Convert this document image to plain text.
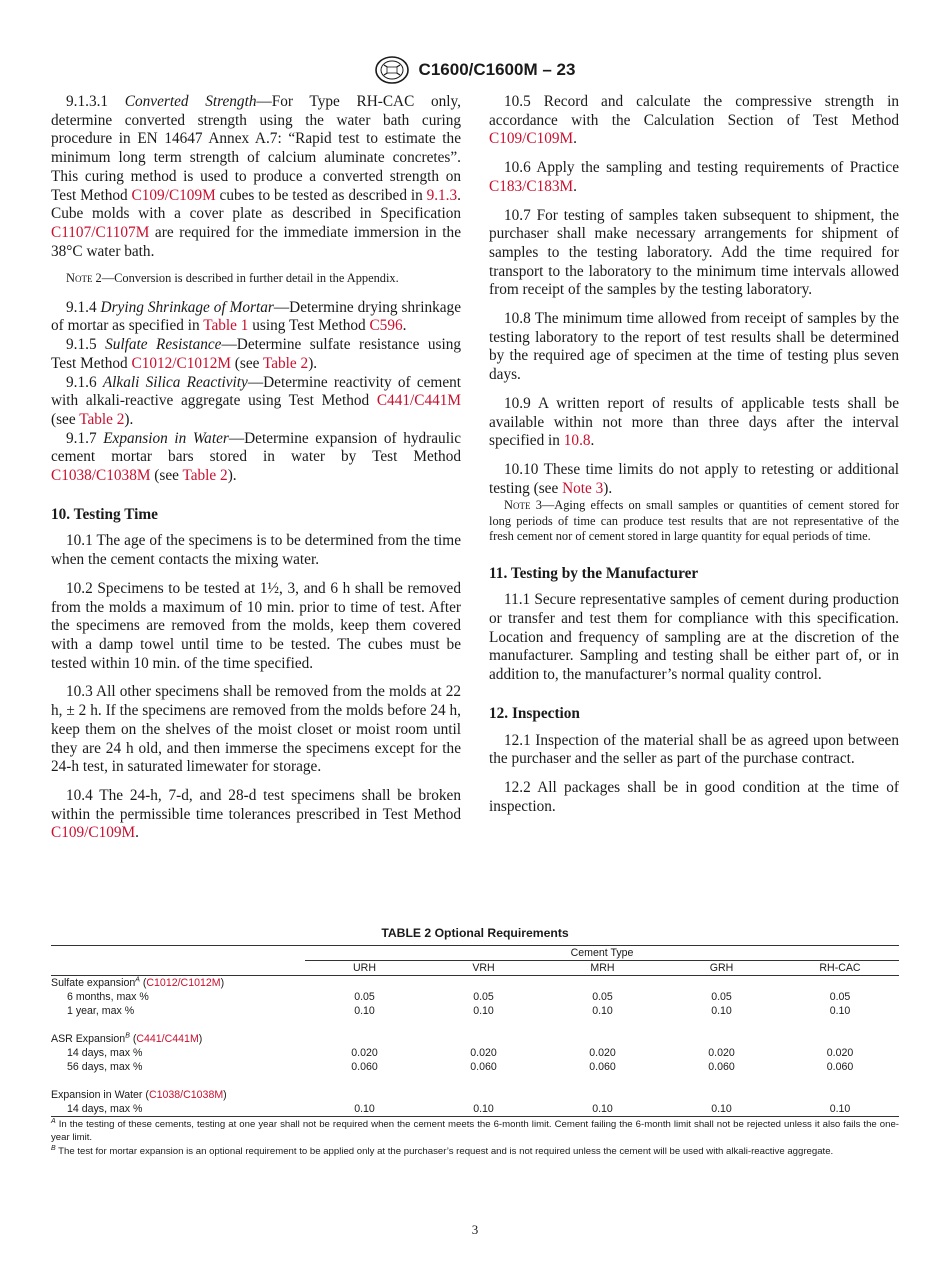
C1600/C1600M – 23

9.1.3.1 Converted Strength—For Type RH-CAC only, determine converted strength using the water bath curing procedure in EN 14647 Annex A.7: “Rapid test to estimate the minimum long term strength of calcium aluminate concretes”. This curing method is used to produce a converted strength on Test Method C109/C109M cubes to be tested as described in 9.1.3. Cube molds with a cover plate as described in Specification C1107/C1107M are required for the immediate immersion in the 38°C water bath.

Note 2—Conversion is described in further detail in the Appendix.

9.1.4 Drying Shrinkage of Mortar—Determine drying shrinkage of mortar as specified in Table 1 using Test Method C596.

9.1.5 Sulfate Resistance—Determine sulfate resistance using Test Method C1012/C1012M (see Table 2).

9.1.6 Alkali Silica Reactivity—Determine reactivity of cement with alkali-reactive aggregate using Test Method C441/C441M (see Table 2).

9.1.7 Expansion in Water—Determine expansion of hydraulic cement mortar bars stored in water by Test Method C1038/C1038M (see Table 2).

10. Testing Time

10.1 The age of the specimens is to be determined from the time when the cement contacts the mixing water.

10.2 Specimens to be tested at 1½, 3, and 6 h shall be removed from the molds a maximum of 10 min. prior to time of test. After the specimens are removed from the molds, keep them covered with a damp towel until time to be tested. The cubes must be tested within 10 min. of the time specified.

10.3 All other specimens shall be removed from the molds at 22 h, ± 2 h. If the specimens are removed from the molds before 24 h, keep them on the shelves of the moist closet or moist room until they are 24 h old, and then immerse the specimens except for the 24-h test, in saturated limewater for storage.

10.4 The 24-h, 7-d, and 28-d test specimens shall be broken within the permissible time tolerances prescribed in Test Method C109/C109M.

10.5 Record and calculate the compressive strength in accordance with the Calculation Section of Test Method C109/C109M.

10.6 Apply the sampling and testing requirements of Practice C183/C183M.

10.7 For testing of samples taken subsequent to shipment, the purchaser shall make necessary arrangements for shipment of samples to the testing laboratory. Add the time required for transport to the laboratory to the minimum time intervals allowed from receipt of the samples by the testing laboratory.

10.8 The minimum time allowed from receipt of samples by the testing laboratory to the report of test results shall be determined by the required age of specimen at the time of testing plus seven days.

10.9 A written report of results of applicable tests shall be available within not more than three days after the interval specified in 10.8.

10.10 These time limits do not apply to retesting or additional testing (see Note 3).

Note 3—Aging effects on small samples or quantities of cement stored for long periods of time can produce test results that are not representative of the fresh cement nor of cement stored in large quantity for equal periods of time.

11. Testing by the Manufacturer

11.1 Secure representative samples of cement during production or transfer and test them for compliance with this specification. Location and frequency of sampling are at the discretion of the manufacturer. Sampling and testing shall be either part of, or in addition to, the manufacturer’s normal quality control.

12. Inspection

12.1 Inspection of the material shall be as agreed upon between the purchaser and the seller as part of the purchase contract.

12.2 All packages shall be in good condition at the time of inspection.

TABLE 2 Optional Requirements
	Cement Type				
	URH	VRH	MRH	GRH	RH-CAC
Sulfate expansion$^A$ (C1012/C1012M)					
6 months, max %	0.05	0.05	0.05	0.05	0.05
1 year, max %	0.10	0.10	0.10	0.10	0.10

ASR Expansion$^B$ (C441/C441M)					
14 days, max %	0.020	0.020	0.020	0.020	0.020
56 days, max %	0.060	0.060	0.060	0.060	0.060

Expansion in Water (C1038/C1038M)					
14 days, max %	0.10	0.10	0.10	0.10	0.10
$^A$ In the testing of these cements, testing at one year shall not be required when the cement meets the 6-month limit. Cement failing the 6-month limit shall not be rejected unless it also fails the one-year limit.
$^B$ The test for mortar expansion is an optional requirement to be applied only at the purchaser’s request and is not required unless the cement will be used with alkali-reactive aggregate.
3
